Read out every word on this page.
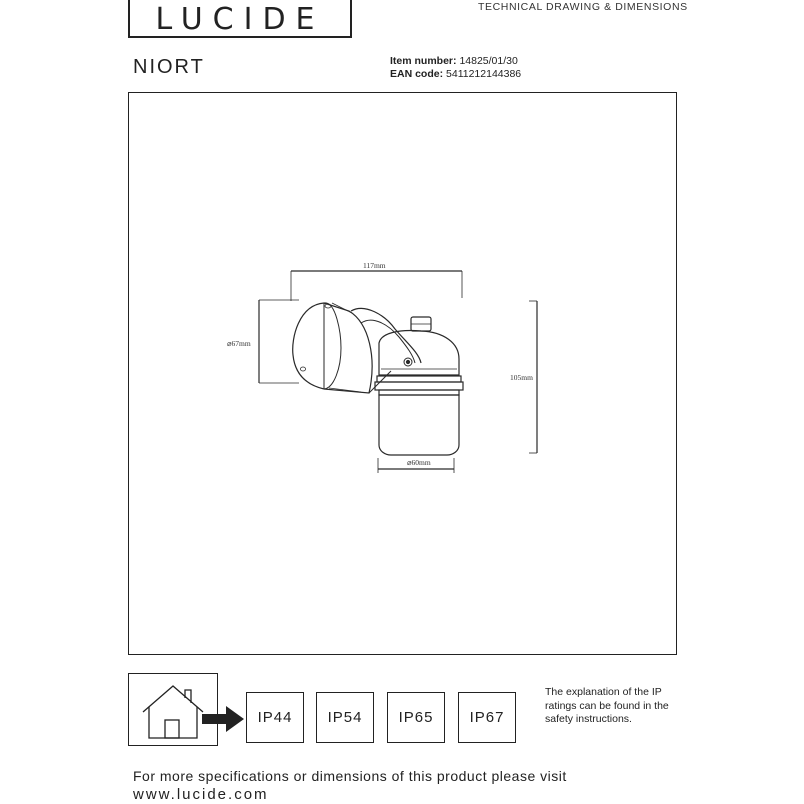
LUCIDE	TECHNICAL DRAWING & DIMENSIONS
NIORT	Item number: 14825/01/30
EAN code: 5411212144386
117mm
⌀67mm
105mm
⌀60mm
IP44	IP54	IP65	IP67
The explanation of the IP ratings can be found in the safety instructions.
For more specifications or dimensions of this product please visit
www.lucide.com
